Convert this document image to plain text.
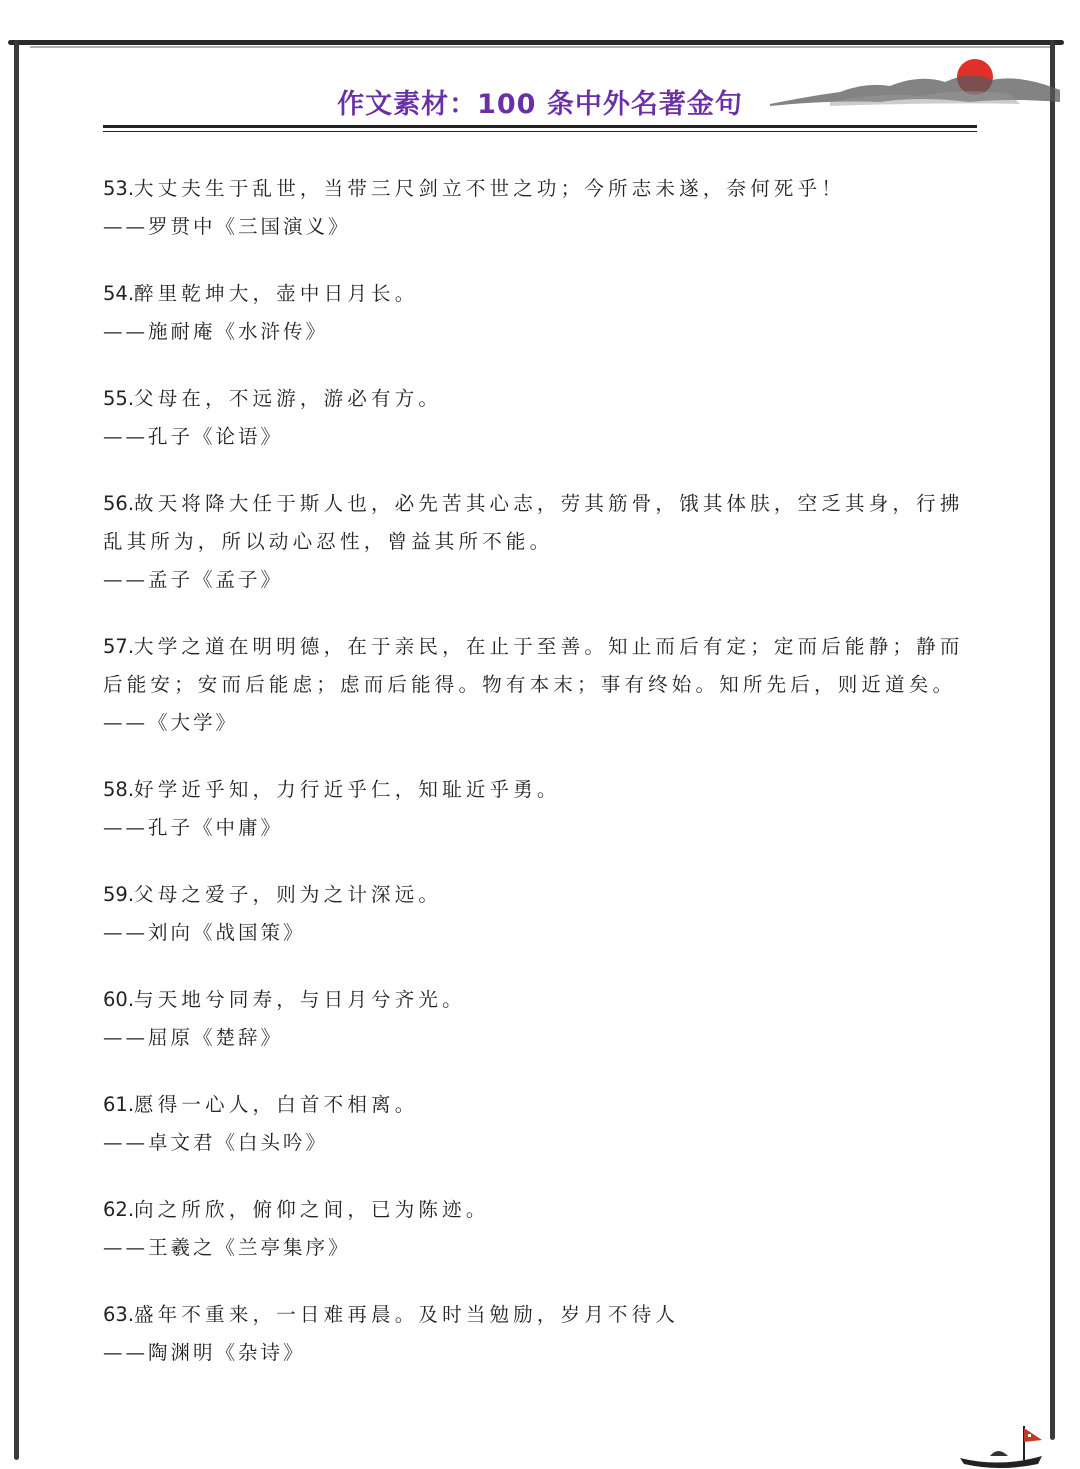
作文素材：100 条中外名著金句

53.大丈夫生于乱世，当带三尺剑立不世之功；今所志未遂，奈何死乎！

——罗贯中《三国演义》

54.醉里乾坤大，壶中日月长。

——施耐庵《水浒传》

55.父母在，不远游，游必有方。

——孔子《论语》

56.故天将降大任于斯人也，必先苦其心志，劳其筋骨，饿其体肤，空乏其身，行拂乱其所为，所以动心忍性，曾益其所不能。

——孟子《孟子》

57.大学之道在明明德，在于亲民，在止于至善。知止而后有定；定而后能静；静而后能安；安而后能虑；虑而后能得。物有本末；事有终始。知所先后，则近道矣。

——《大学》

58.好学近乎知，力行近乎仁，知耻近乎勇。

——孔子《中庸》

59.父母之爱子，则为之计深远。

——刘向《战国策》

60.与天地兮同寿，与日月兮齐光。

——屈原《楚辞》

61.愿得一心人，白首不相离。

——卓文君《白头吟》

62.向之所欣，俯仰之间，已为陈迹。

——王羲之《兰亭集序》

63.盛年不重来，一日难再晨。及时当勉励，岁月不待人

——陶渊明《杂诗》
